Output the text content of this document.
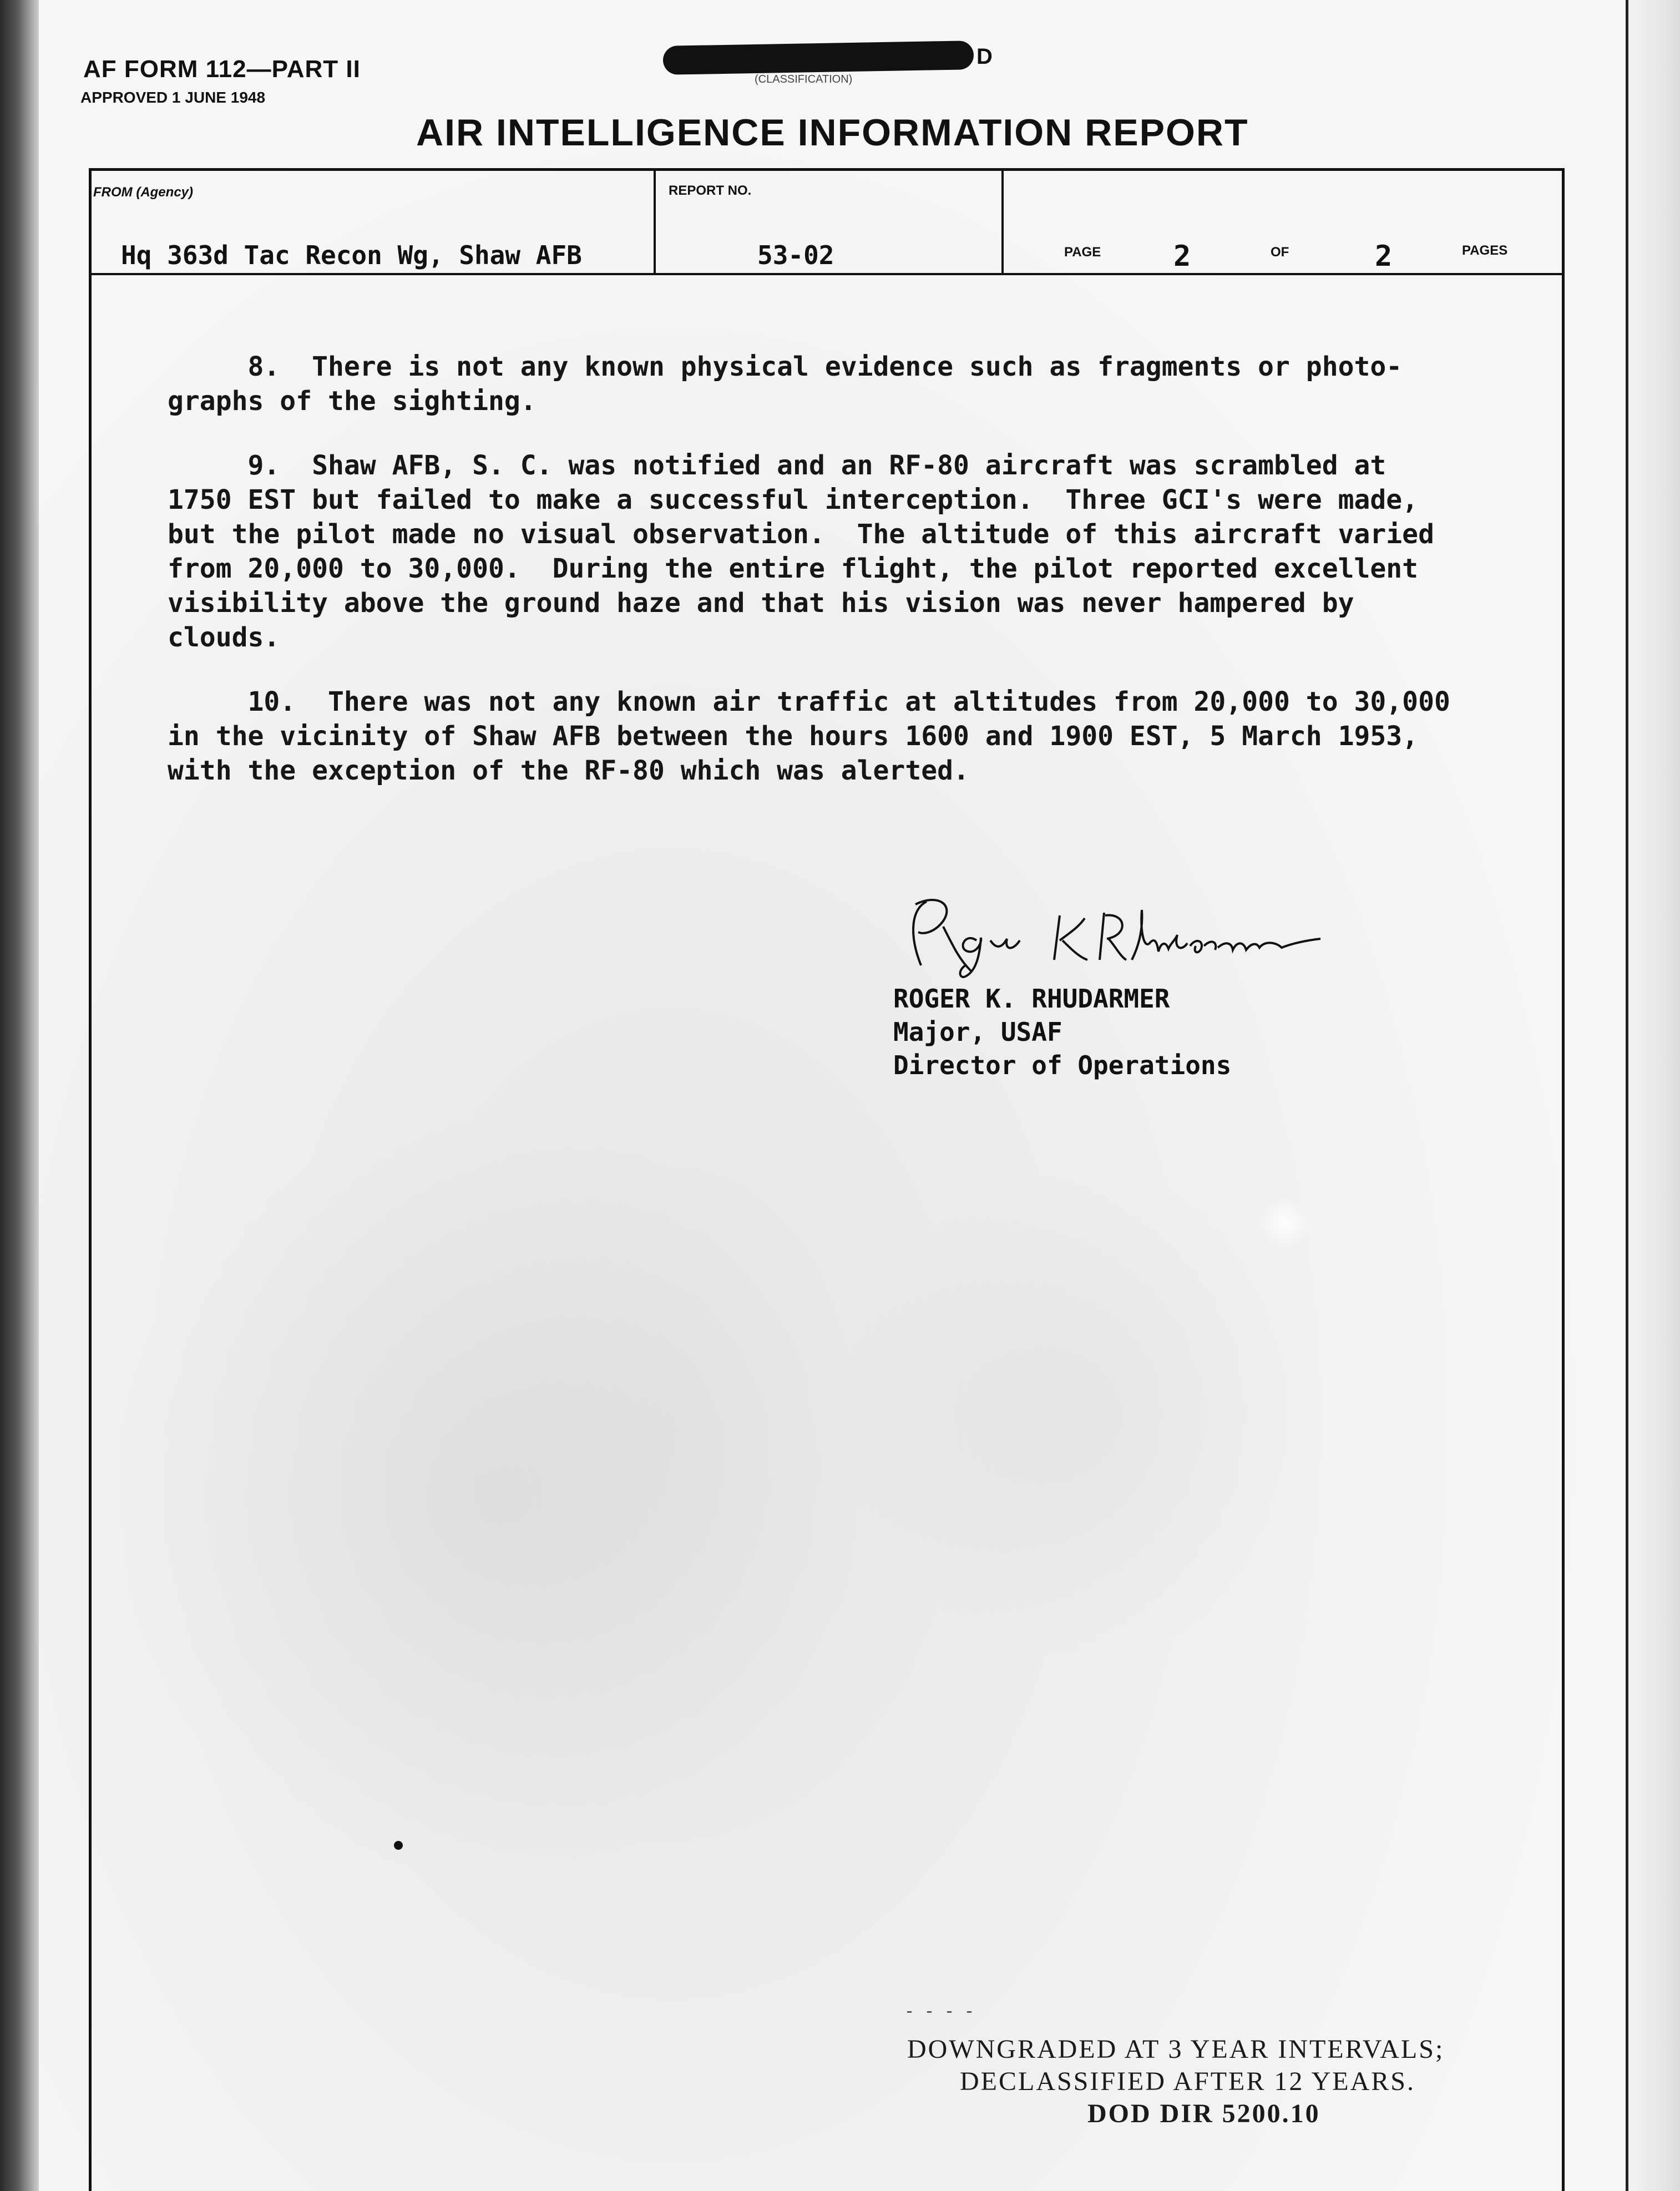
AF FORM 112—PART II
APPROVED 1 JUNE 1948
D
(CLASSIFICATION)
AIR INTELLIGENCE INFORMATION REPORT
FROM (Agency)
Hq 363d Tac Recon Wg, Shaw AFB
REPORT NO.
53-02	PAGE	2	OF	2	PAGES
8.  There is not any known physical evidence such as fragments or photo-
graphs of the sighting.
9.  Shaw AFB, S. C. was notified and an RF-80 aircraft was scrambled at
1750 EST but failed to make a successful interception.  Three GCI's were made,
but the pilot made no visual observation.  The altitude of this aircraft varied
from 20,000 to 30,000.  During the entire flight, the pilot reported excellent
visibility above the ground haze and that his vision was never hampered by
clouds.
10.  There was not any known air traffic at altitudes from 20,000 to 30,000
in the vicinity of Shaw AFB between the hours 1600 and 1900 EST, 5 March 1953,
with the exception of the RF-80 which was alerted.
ROGER K. RHUDARMER
Major, USAF
Director of Operations
- - - -
DOWNGRADED AT 3 YEAR INTERVALS;
DECLASSIFIED AFTER 12 YEARS.
DOD DIR 5200.10
